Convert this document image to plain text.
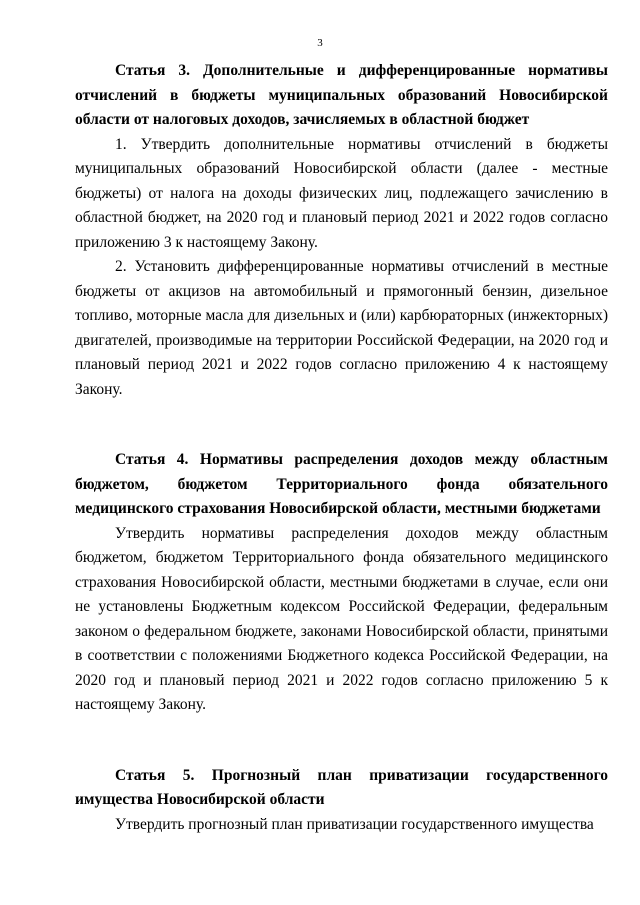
3

Статья 3. Дополнительные и дифференцированные нормативы отчислений в бюджеты муниципальных образований Новосибирской области от налоговых доходов, зачисляемых в областной бюджет

1. Утвердить дополнительные нормативы отчислений в бюджеты муниципальных образований Новосибирской области (далее - местные бюджеты) от налога на доходы физических лиц, подлежащего зачислению в областной бюджет, на 2020 год и плановый период 2021 и 2022 годов согласно приложению 3 к настоящему Закону.

2. Установить дифференцированные нормативы отчислений в местные бюджеты от акцизов на автомобильный и прямогонный бензин, дизельное топливо, моторные масла для дизельных и (или) карбюраторных (инжекторных) двигателей, производимые на территории Российской Федерации, на 2020 год и плановый период 2021 и 2022 годов согласно приложению 4 к настоящему Закону.

Статья 4. Нормативы распределения доходов между областным бюджетом, бюджетом Территориального фонда обязательного медицинского страхования Новосибирской области, местными бюджетами

Утвердить нормативы распределения доходов между областным бюджетом, бюджетом Территориального фонда обязательного медицинского страхования Новосибирской области, местными бюджетами в случае, если они не установлены Бюджетным кодексом Российской Федерации, федеральным законом о федеральном бюджете, законами Новосибирской области, принятыми в соответствии с положениями Бюджетного кодекса Российской Федерации, на 2020 год и плановый период 2021 и 2022 годов согласно приложению 5 к настоящему Закону.

Статья 5. Прогнозный план приватизации государственного имущества Новосибирской области

Утвердить прогнозный план приватизации государственного имущества
